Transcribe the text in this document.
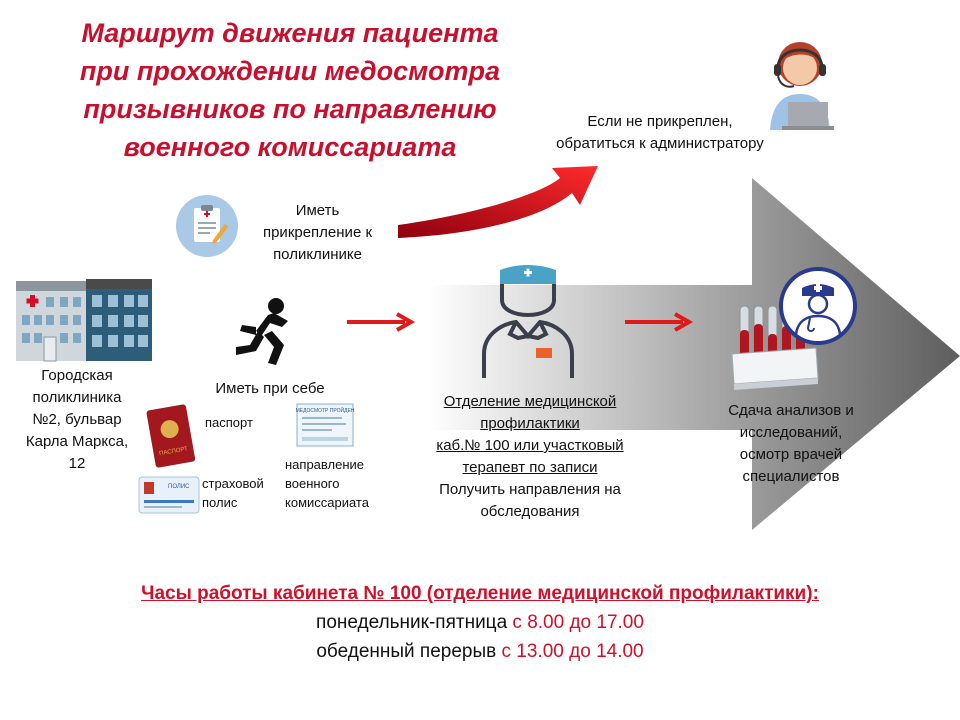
Маршрут движения пациента
при прохождении медосмотра
призывников по направлению
военного комиссариата
Если не прикреплен,
обратиться к администратору
Иметь
прикрепление к
поликлинике
Городская
поликлиника
№2, бульвар
Карла Маркса,
12
Иметь при себе
ПАСПОРТ
паспорт
МЕДОСМОТР ПРОЙДЕН
ПОЛИС страховой
полис
направление
военного
комиссариата
Отделение медицинской
профилактики
каб.№ 100 или участковый
терапевт по записи
Получить направления на
обследования
Сдача анализов и
исследований,
осмотр врачей
специалистов
Часы работы кабинета № 100 (отделение медицинской профилактики):
понедельник-пятница с 8.00 до 17.00
обеденный перерыв с 13.00 до 14.00
